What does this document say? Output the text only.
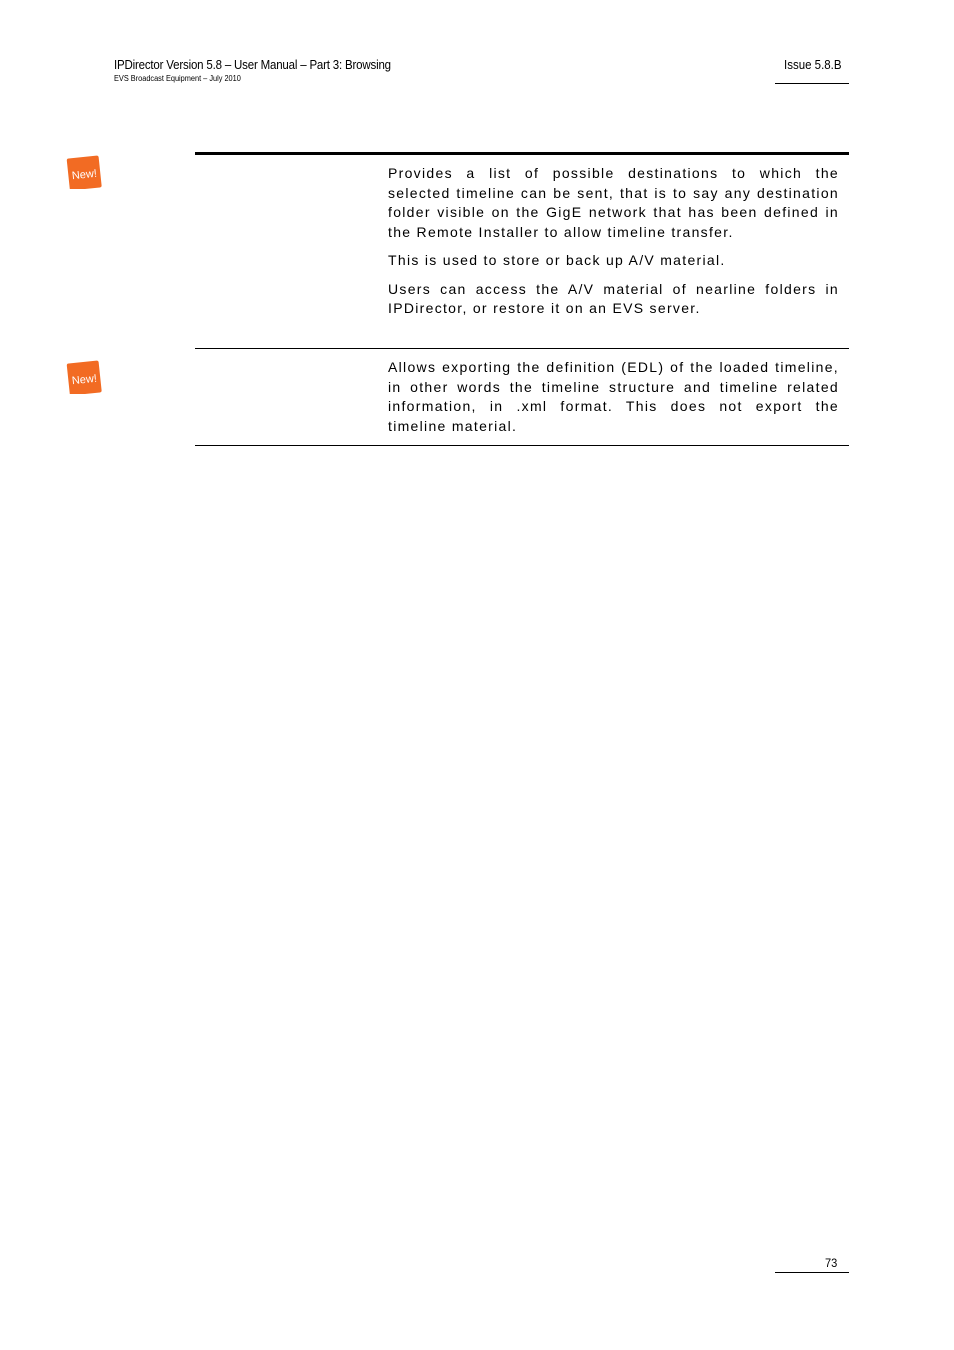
IPDirector Version 5.8 – User Manual – Part 3: Browsing
EVS Broadcast Equipment – July 2010
Issue 5.8.B
New!	Provides a list of possible destinations to which the selected timeline can be sent, that is to say any destination folder visible on the GigE network that has been defined in the Remote Installer to allow timeline transfer.

This is used to store or back up A/V material.

Users can access the A/V material of nearline folders in IPDirector, or restore it on an EVS server.

New!

Allows exporting the definition (EDL) of the loaded timeline, in other words the timeline structure and timeline related information, in .xml format. This does not export the timeline material.

73
